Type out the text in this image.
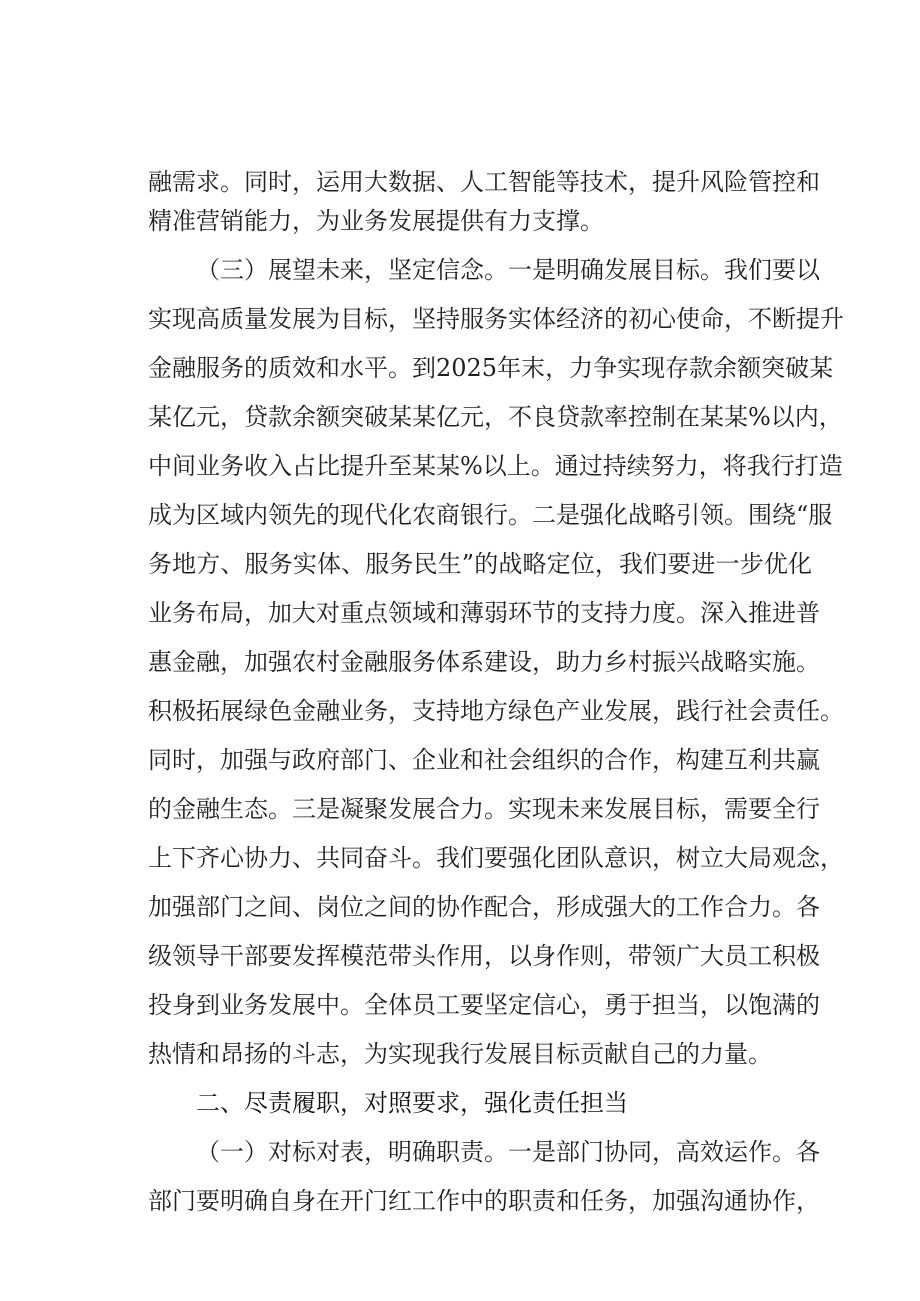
融需求。同时，运用大数据、人工智能等技术，提升风险管控和
精准营销能力，为业务发展提供有力支撑。
（三）展望未来，坚定信念。一是明确发展目标。我们要以
实现高质量发展为目标，坚持服务实体经济的初心使命，不断提升
金融服务的质效和水平。到2025年末，力争实现存款余额突破某
某亿元，贷款余额突破某某亿元，不良贷款率控制在某某%以内，
中间业务收入占比提升至某某%以上。通过持续努力，将我行打造
成为区域内领先的现代化农商银行。二是强化战略引领。围绕“服
务地方、服务实体、服务民生”的战略定位，我们要进一步优化
业务布局，加大对重点领域和薄弱环节的支持力度。深入推进普
惠金融，加强农村金融服务体系建设，助力乡村振兴战略实施。
积极拓展绿色金融业务，支持地方绿色产业发展，践行社会责任。
同时，加强与政府部门、企业和社会组织的合作，构建互利共赢
的金融生态。三是凝聚发展合力。实现未来发展目标，需要全行
上下齐心协力、共同奋斗。我们要强化团队意识，树立大局观念，
加强部门之间、岗位之间的协作配合，形成强大的工作合力。各
级领导干部要发挥模范带头作用，以身作则，带领广大员工积极
投身到业务发展中。全体员工要坚定信心，勇于担当，以饱满的
热情和昂扬的斗志，为实现我行发展目标贡献自己的力量。
二、尽责履职，对照要求，强化责任担当
（一）对标对表，明确职责。一是部门协同，高效运作。各
部门要明确自身在开门红工作中的职责和任务，加强沟通协作，
